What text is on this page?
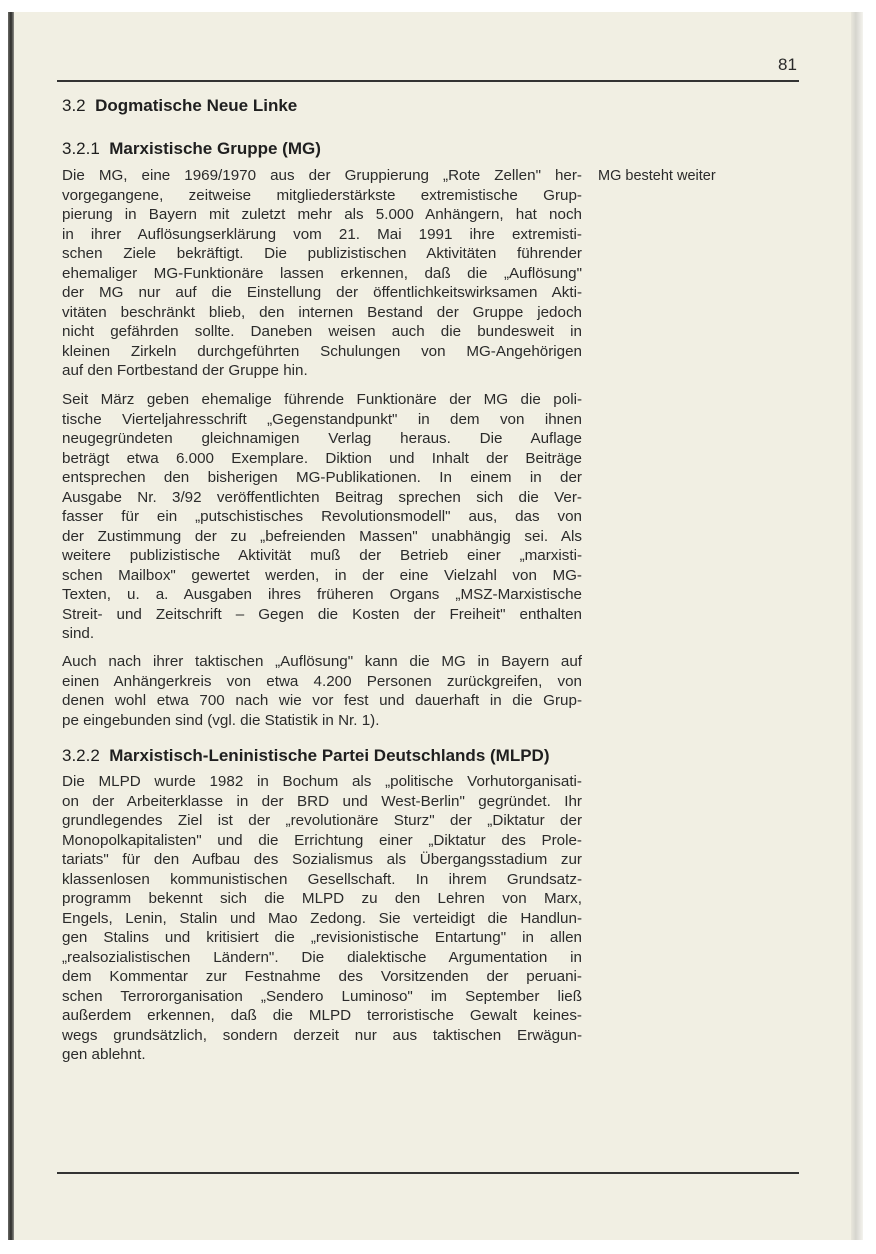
81
3.2 Dogmatische Neue Linke
3.2.1 Marxistische Gruppe (MG)
MG besteht weiter
Die MG, eine 1969/1970 aus der Gruppierung „Rote Zellen" her-
vorgegangene, zeitweise mitgliederstärkste extremistische Grup-
pierung in Bayern mit zuletzt mehr als 5.000 Anhängern, hat noch
in ihrer Auflösungserklärung vom 21. Mai 1991 ihre extremisti-
schen Ziele bekräftigt. Die publizistischen Aktivitäten führender
ehemaliger MG-Funktionäre lassen erkennen, daß die „Auflösung"
der MG nur auf die Einstellung der öffentlichkeitswirksamen Akti-
vitäten beschränkt blieb, den internen Bestand der Gruppe jedoch
nicht gefährden sollte. Daneben weisen auch die bundesweit in
kleinen Zirkeln durchgeführten Schulungen von MG-Angehörigen
auf den Fortbestand der Gruppe hin.
Seit März geben ehemalige führende Funktionäre der MG die poli-
tische Vierteljahresschrift „Gegenstandpunkt" in dem von ihnen
neugegründeten gleichnamigen Verlag heraus. Die Auflage
beträgt etwa 6.000 Exemplare. Diktion und Inhalt der Beiträge
entsprechen den bisherigen MG-Publikationen. In einem in der
Ausgabe Nr. 3/92 veröffentlichten Beitrag sprechen sich die Ver-
fasser für ein „putschistisches Revolutionsmodell" aus, das von
der Zustimmung der zu „befreienden Massen" unabhängig sei. Als
weitere publizistische Aktivität muß der Betrieb einer „marxisti-
schen Mailbox" gewertet werden, in der eine Vielzahl von MG-
Texten, u. a. Ausgaben ihres früheren Organs „MSZ-Marxistische
Streit- und Zeitschrift – Gegen die Kosten der Freiheit" enthalten
sind.
Auch nach ihrer taktischen „Auflösung" kann die MG in Bayern auf
einen Anhängerkreis von etwa 4.200 Personen zurückgreifen, von
denen wohl etwa 700 nach wie vor fest und dauerhaft in die Grup-
pe eingebunden sind (vgl. die Statistik in Nr. 1).
3.2.2 Marxistisch-Leninistische Partei Deutschlands (MLPD)
Die MLPD wurde 1982 in Bochum als „politische Vorhutorganisati-
on der Arbeiterklasse in der BRD und West-Berlin" gegründet. Ihr
grundlegendes Ziel ist der „revolutionäre Sturz" der „Diktatur der
Monopolkapitalisten" und die Errichtung einer „Diktatur des Prole-
tariats" für den Aufbau des Sozialismus als Übergangsstadium zur
klassenlosen kommunistischen Gesellschaft. In ihrem Grundsatz-
programm bekennt sich die MLPD zu den Lehren von Marx,
Engels, Lenin, Stalin und Mao Zedong. Sie verteidigt die Handlun-
gen Stalins und kritisiert die „revisionistische Entartung" in allen
„realsozialistischen Ländern". Die dialektische Argumentation in
dem Kommentar zur Festnahme des Vorsitzenden der peruani-
schen Terrororganisation „Sendero Luminoso" im September ließ
außerdem erkennen, daß die MLPD terroristische Gewalt keines-
wegs grundsätzlich, sondern derzeit nur aus taktischen Erwägun-
gen ablehnt.
